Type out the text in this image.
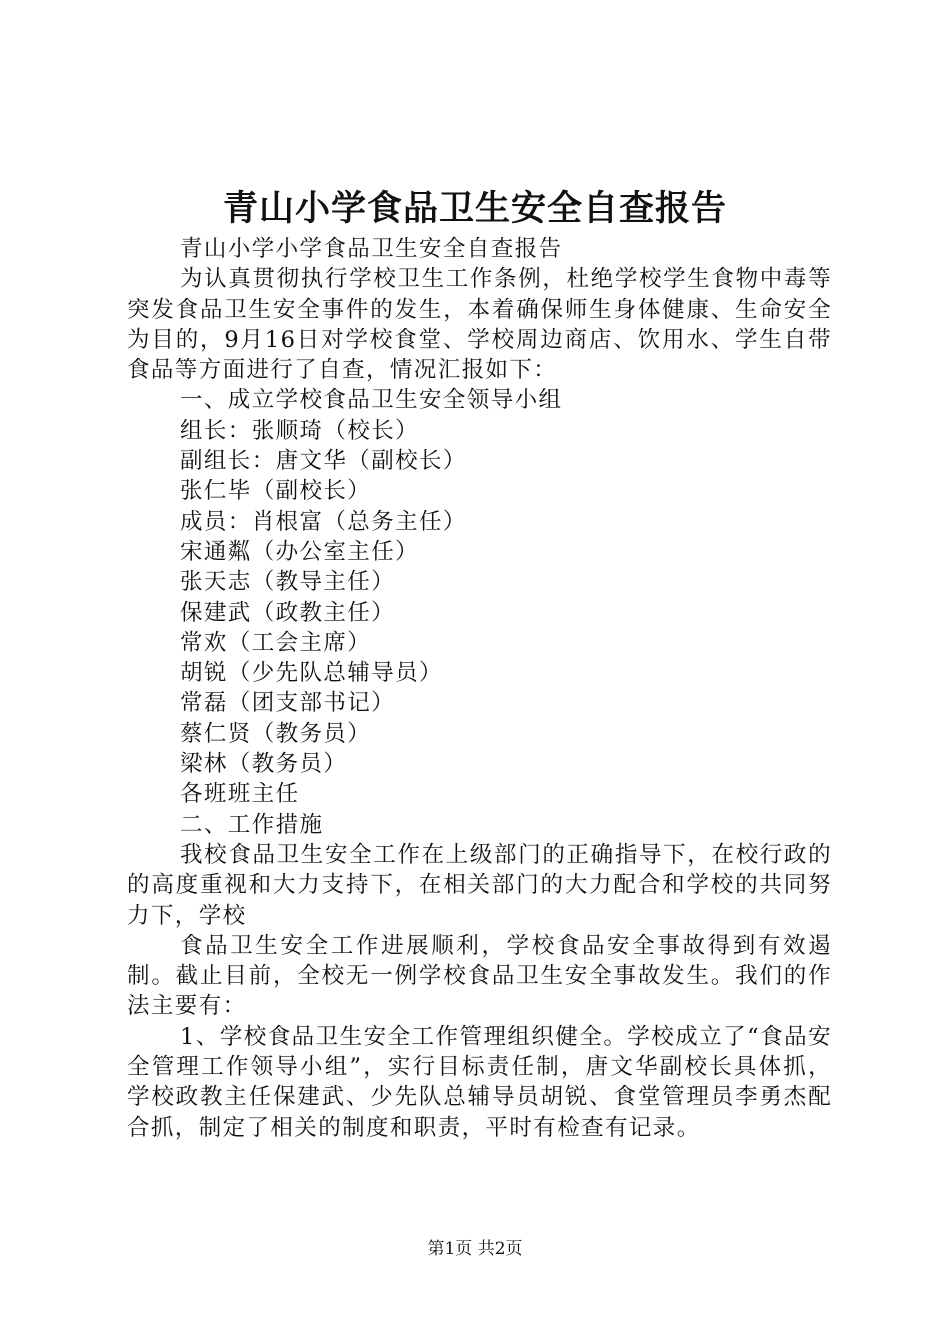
青山小学食品卫生安全自查报告

青山小学小学食品卫生安全自查报告

为认真贯彻执行学校卫生工作条例，杜绝学校学生食物中毒等突发食品卫生安全事件的发生，本着确保师生身体健康、生命安全为目的，9月16日对学校食堂、学校周边商店、饮用水、学生自带食品等方面进行了自查，情况汇报如下：

一、成立学校食品卫生安全领导小组

组长：张顺琦（校长）

副组长：唐文华（副校长）

张仁毕（副校长）

成员：肖根富（总务主任）

宋通粼（办公室主任）

张天志（教导主任）

保建武（政教主任）

常欢（工会主席）

胡锐（少先队总辅导员）

常磊（团支部书记）

蔡仁贤（教务员）

梁林（教务员）

各班班主任

二、工作措施

我校食品卫生安全工作在上级部门的正确指导下，在校行政的的高度重视和大力支持下，在相关部门的大力配合和学校的共同努力下，学校

食品卫生安全工作进展顺利，学校食品安全事故得到有效遏制。截止目前，全校无一例学校食品卫生安全事故发生。我们的作法主要有：

1、学校食品卫生安全工作管理组织健全。学校成立了“食品安全管理工作领导小组”，实行目标责任制，唐文华副校长具体抓，学校政教主任保建武、少先队总辅导员胡锐、食堂管理员李勇杰配合抓，制定了相关的制度和职责，平时有检查有记录。

第1页 共2页
